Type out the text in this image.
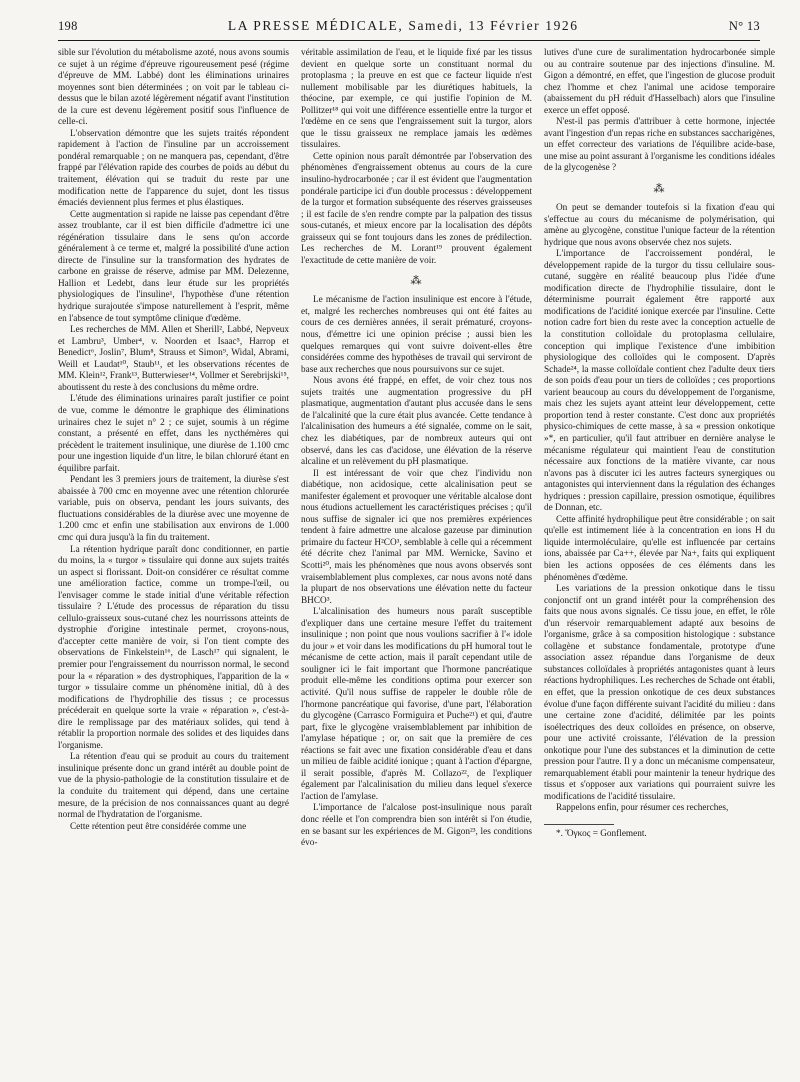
198	LA PRESSE MÉDICALE, Samedi, 13 Février 1926	N° 13

sible sur l'évolution du métabolisme azoté, nous avons soumis ce sujet à un régime d'épreuve rigoureusement pesé (régime d'épreuve de MM. Labbé) dont les éliminations urinaires moyennes sont bien déterminées ; on voit par le tableau ci-dessus que le bilan azoté légèrement négatif avant l'institution de la cure est devenu légèrement positif sous l'influence de celle-ci.

L'observation démontre que les sujets traités répondent rapidement à l'action de l'insuline par un accroissement pondéral remarquable ; on ne manquera pas, cependant, d'être frappé par l'élévation rapide des courbes de poids au début du traitement, élévation qui se traduit du reste par une modification nette de l'apparence du sujet, dont les tissus émaciés deviennent plus fermes et plus élastiques.

Cette augmentation si rapide ne laisse pas cependant d'être assez troublante, car il est bien difficile d'admettre ici une régénération tissulaire dans le sens qu'on accorde généralement à ce terme et, malgré la possibilité d'une action directe de l'insuline sur la transformation des hydrates de carbone en graisse de réserve, admise par MM. Delezenne, Hallion et Ledebt, dans leur étude sur les propriétés physiologiques de l'insuline¹, l'hypothèse d'une rétention hydrique surajoutée s'impose naturellement à l'esprit, même en l'absence de tout symptôme clinique d'œdème.

Les recherches de MM. Allen et Sherill², Labbé, Nepveux et Lambru³, Umber⁴, v. Noorden et Isaac⁵, Harrop et Benedict⁶, Joslin⁷, Blum⁸, Strauss et Simon⁹, Widal, Abrami, Weill et Laudat¹⁰, Staub¹¹, et les observations récentes de MM. Klein¹², Frank¹³, Butterwieser¹⁴, Vollmer et Serebrijski¹⁵, aboutissent du reste à des conclusions du même ordre.

L'étude des éliminations urinaires paraît justifier ce point de vue, comme le démontre le graphique des éliminations urinaires chez le sujet n° 2 ; ce sujet, soumis à un régime constant, a présenté en effet, dans les nycthémères qui précèdent le traitement insulinique, une diurèse de 1.100 cmc pour une ingestion liquide d'un litre, le bilan chloruré étant en équilibre parfait.

Pendant les 3 premiers jours de traitement, la diurèse s'est abaissée à 700 cmc en moyenne avec une rétention chlorurée variable, puis on observa, pendant les jours suivants, des fluctuations considérables de la diurèse avec une moyenne de 1.200 cmc et enfin une stabilisation aux environs de 1.000 cmc qui dura jusqu'à la fin du traitement.

La rétention hydrique paraît donc conditionner, en partie du moins, la « turgor » tissulaire qui donne aux sujets traités un aspect si florissant. Doit-on considérer ce résultat comme une amélioration factice, comme un trompe-l'œil, ou l'envisager comme le stade initial d'une véritable réfection tissulaire ? L'étude des processus de réparation du tissu cellulo-graisseux sous-cutané chez les nourrissons atteints de dystrophie d'origine intestinale permet, croyons-nous, d'accepter cette manière de voir, si l'on tient compte des observations de Finkelstein¹⁶, de Lasch¹⁷ qui signalent, le premier pour l'engraissement du nourrisson normal, le second pour la « réparation » des dystrophiques, l'apparition de la « turgor » tissulaire comme un phénomène initial, dû à des modifications de l'hydrophilie des tissus ; ce processus précéderait en quelque sorte la vraie « réparation », c'est-à-dire le remplissage par des matériaux solides, qui tend à rétablir la proportion normale des solides et des liquides dans l'organisme.

La rétention d'eau qui se produit au cours du traitement insulinique présente donc un grand intérêt au double point de vue de la physio-pathologie de la constitution tissulaire et de la conduite du traitement qui dépend, dans une certaine mesure, de la précision de nos connaissances quant au degré normal de l'hydratation de l'organisme.

Cette rétention peut être considérée comme une

véritable assimilation de l'eau, et le liquide fixé par les tissus devient en quelque sorte un constituant normal du protoplasma ; la preuve en est que ce facteur liquide n'est nullement mobilisable par les diurétiques habituels, la théocine, par exemple, ce qui justifie l'opinion de M. Pollitzer¹⁸ qui voit une différence essentielle entre la turgor et l'œdème en ce sens que l'engraissement suit la turgor, alors que le tissu graisseux ne remplace jamais les œdèmes tissulaires.

Cette opinion nous paraît démontrée par l'observation des phénomènes d'engraissement obtenus au cours de la cure insulino-hydrocarbonée ; car il est évident que l'augmentation pondérale participe ici d'un double processus : développement de la turgor et formation subséquente des réserves graisseuses ; il est facile de s'en rendre compte par la palpation des tissus sous-cutanés, et mieux encore par la localisation des dépôts graisseux qui se font toujours dans les zones de prédilection. Les recherches de M. Lorant¹⁹ prouvent également l'exactitude de cette manière de voir.

⁂

Le mécanisme de l'action insulinique est encore à l'étude, et, malgré les recherches nombreuses qui ont été faites au cours de ces dernières années, il serait prématuré, croyons-nous, d'émettre ici une opinion précise ; aussi bien les quelques remarques qui vont suivre doivent-elles être considérées comme des hypothèses de travail qui serviront de base aux recherches que nous poursuivons sur ce sujet.

Nous avons été frappé, en effet, de voir chez tous nos sujets traités une augmentation progressive du pH plasmatique, augmentation d'autant plus accusée dans le sens de l'alcalinité que la cure était plus avancée. Cette tendance à l'alcalinisation des humeurs a été signalée, comme on le sait, chez les diabétiques, par de nombreux auteurs qui ont observé, dans les cas d'acidose, une élévation de la réserve alcaline et un relèvement du pH plasmatique.

Il est intéressant de voir que chez l'individu non diabétique, non acidosique, cette alcalinisation peut se manifester également et provoquer une véritable alcalose dont nous étudions actuellement les caractéristiques précises ; qu'il nous suffise de signaler ici que nos premières expériences tendent à faire admettre une alcalose gazeuse par diminution primaire du facteur H²CO³, semblable à celle qui a récemment été décrite chez l'animal par MM. Wernicke, Savino et Scotti²⁰, mais les phénomènes que nous avons observés sont vraisemblablement plus complexes, car nous avons noté dans la plupart de nos observations une élévation nette du facteur BHCO³.

L'alcalinisation des humeurs nous paraît susceptible d'expliquer dans une certaine mesure l'effet du traitement insulinique ; non point que nous voulions sacrifier à l'« idole du jour » et voir dans les modifications du pH humoral tout le mécanisme de cette action, mais il paraît cependant utile de souligner ici le fait important que l'hormone pancréatique produit elle-même les conditions optima pour exercer son activité. Qu'il nous suffise de rappeler le double rôle de l'hormone pancréatique qui favorise, d'une part, l'élaboration du glycogène (Carrasco Formiguira et Puche²¹) et qui, d'autre part, fixe le glycogène vraisemblablement par inhibition de l'amylase hépatique ; or, on sait que la première de ces réactions se fait avec une fixation considérable d'eau et dans un milieu de faible acidité ionique ; quant à l'action d'épargne, il serait possible, d'après M. Collazo²², de l'expliquer également par l'alcalinisation du milieu dans lequel s'exerce l'action de l'amylase.

L'importance de l'alcalose post-insulinique nous paraît donc réelle et l'on comprendra bien son intérêt si l'on étudie, en se basant sur les expériences de M. Gigon²³, les conditions évo-

lutives d'une cure de suralimentation hydrocarbonée simple ou au contraire soutenue par des injections d'insuline. M. Gigon a démontré, en effet, que l'ingestion de glucose produit chez l'homme et chez l'animal une acidose temporaire (abaissement du pH réduit d'Hasselbach) alors que l'insuline exerce un effet opposé.

N'est-il pas permis d'attribuer à cette hormone, injectée avant l'ingestion d'un repas riche en substances saccharigènes, un effet correcteur des variations de l'équilibre acide-base, une mise au point assurant à l'organisme les conditions idéales de la glycogenèse ?

⁂

On peut se demander toutefois si la fixation d'eau qui s'effectue au cours du mécanisme de polymérisation, qui amène au glycogène, constitue l'unique facteur de la rétention hydrique que nous avons observée chez nos sujets.

L'importance de l'accroissement pondéral, le développement rapide de la turgor du tissu cellulaire sous-cutané, suggère en réalité beaucoup plus l'idée d'une modification directe de l'hydrophilie tissulaire, dont le déterminisme pourrait également être rapporté aux modifications de l'acidité ionique exercée par l'insuline. Cette notion cadre fort bien du reste avec la conception actuelle de la constitution colloïdale du protoplasma cellulaire, conception qui implique l'existence d'une imbibition physiologique des colloïdes qui le composent. D'après Schade²⁴, la masse colloïdale contient chez l'adulte deux tiers de son poids d'eau pour un tiers de colloïdes ; ces proportions varient beaucoup au cours du développement de l'organisme, mais chez les sujets ayant atteint leur développement, cette proportion tend à rester constante. C'est donc aux propriétés physico-chimiques de cette masse, à sa « pression onkotique »*, en particulier, qu'il faut attribuer en dernière analyse le mécanisme régulateur qui maintient l'eau de constitution nécessaire aux fonctions de la matière vivante, car nous n'avons pas à discuter ici les autres facteurs synergiques ou antagonistes qui interviennent dans la régulation des échanges hydriques : pression capillaire, pression osmotique, équilibres de Donnan, etc.

Cette affinité hydrophilique peut être considérable ; on sait qu'elle est intimement liée à la concentration en ions H du liquide intermoléculaire, qu'elle est influencée par certains ions, abaissée par Ca++, élevée par Na+, faits qui expliquent bien les actions opposées de ces éléments dans les phénomènes d'œdème.

Les variations de la pression onkotique dans le tissu conjonctif ont un grand intérêt pour la compréhension des faits que nous avons signalés. Ce tissu joue, en effet, le rôle d'un réservoir remarquablement adapté aux besoins de l'organisme, grâce à sa composition histologique : substance collagène et substance fondamentale, prototype d'une association assez répandue dans l'organisme de deux substances colloïdales à propriétés antagonistes quant à leurs réactions hydrophiliques. Les recherches de Schade ont établi, en effet, que la pression onkotique de ces deux substances évolue d'une façon différente suivant l'acidité du milieu : dans une certaine zone d'acidité, délimitée par les points isoélectriques des deux colloïdes en présence, on observe, pour une activité croissante, l'élévation de la pression onkotique pour l'une des substances et la diminution de cette pression pour l'autre. Il y a donc un mécanisme compensateur, remarquablement établi pour maintenir la teneur hydrique des tissus et s'opposer aux variations qui pourraient suivre les modifications de l'acidité tissulaire.

Rappelons enfin, pour résumer ces recherches,

*. Ὄγκος = Gonflement.
